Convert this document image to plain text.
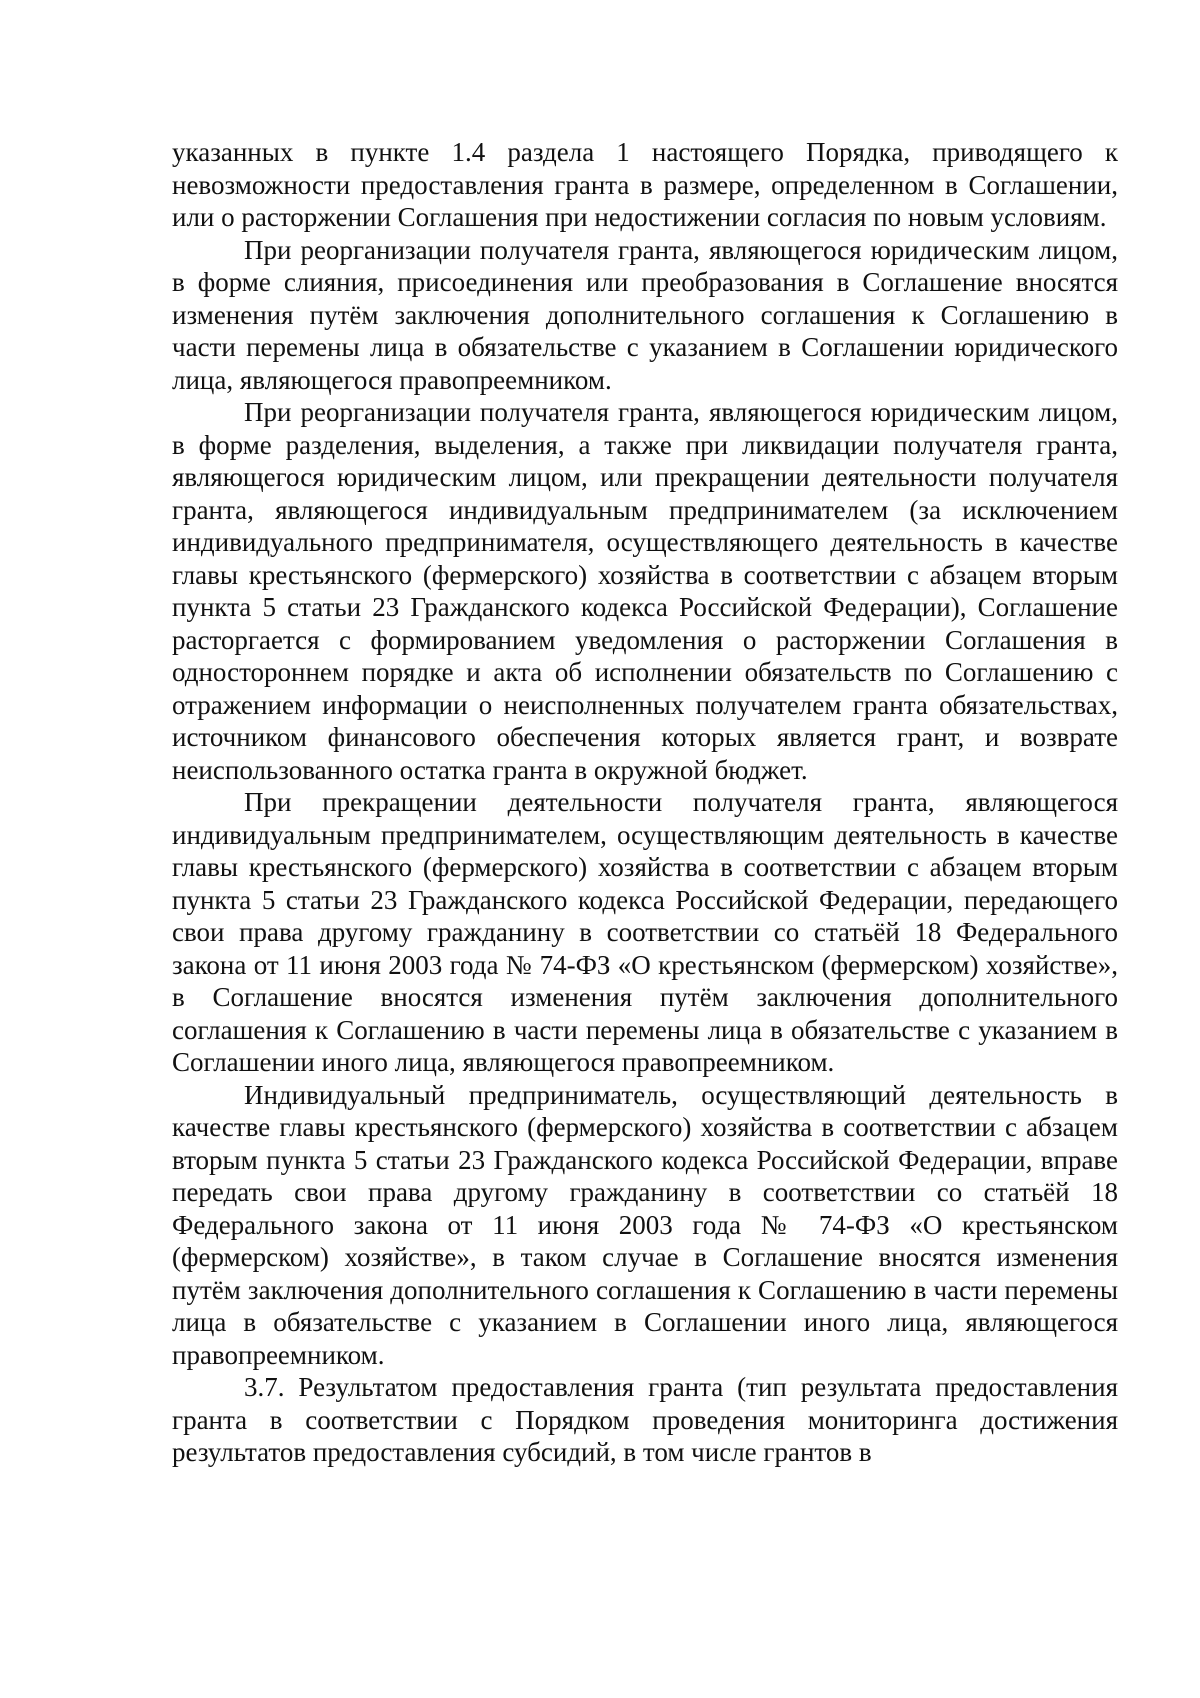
указанных в пункте 1.4 раздела 1 настоящего Порядка, приводящего к невозможности предоставления гранта в размере, определенном в Соглашении, или о расторжении Соглашения при недостижении согласия по новым условиям.

При реорганизации получателя гранта, являющегося юридическим лицом, в форме слияния, присоединения или преобразования в Соглашение вносятся изменения путём заключения дополнительного соглашения к Соглашению в части перемены лица в обязательстве с указанием в Соглашении юридического лица, являющегося правопреемником.

При реорганизации получателя гранта, являющегося юридическим лицом, в форме разделения, выделения, а также при ликвидации получателя гранта, являющегося юридическим лицом, или прекращении деятельности получателя гранта, являющегося индивидуальным предпринимателем (за исключением индивидуального предпринимателя, осуществляющего деятельность в качестве главы крестьянского (фермерского) хозяйства в соответствии с абзацем вторым пункта 5 статьи 23 Гражданского кодекса Российской Федерации), Соглашение расторгается с формированием уведомления о расторжении Соглашения в одностороннем порядке и акта об исполнении обязательств по Соглашению с отражением информации о неисполненных получателем гранта обязательствах, источником финансового обеспечения которых является грант, и возврате неиспользованного остатка гранта в окружной бюджет.

При прекращении деятельности получателя гранта, являющегося индивидуальным предпринимателем, осуществляющим деятельность в качестве главы крестьянского (фермерского) хозяйства в соответствии с абзацем вторым пункта 5 статьи 23 Гражданского кодекса Российской Федерации, передающего свои права другому гражданину в соответствии со статьёй 18 Федерального закона от 11 июня 2003 года № 74-ФЗ «О крестьянском (фермерском) хозяйстве», в Соглашение вносятся изменения путём заключения дополнительного соглашения к Соглашению в части перемены лица в обязательстве с указанием в Соглашении иного лица, являющегося правопреемником.

Индивидуальный предприниматель, осуществляющий деятельность в качестве главы крестьянского (фермерского) хозяйства в соответствии с абзацем вторым пункта 5 статьи 23 Гражданского кодекса Российской Федерации, вправе передать свои права другому гражданину в соответствии со статьёй 18 Федерального закона от 11 июня 2003 года № 74-ФЗ «О крестьянском (фермерском) хозяйстве», в таком случае в Соглашение вносятся изменения путём заключения дополнительного соглашения к Соглашению в части перемены лица в обязательстве с указанием в Соглашении иного лица, являющегося правопреемником.

3.7. Результатом предоставления гранта (тип результата предоставления гранта в соответствии с Порядком проведения мониторинга достижения результатов предоставления субсидий, в том числе грантов в
